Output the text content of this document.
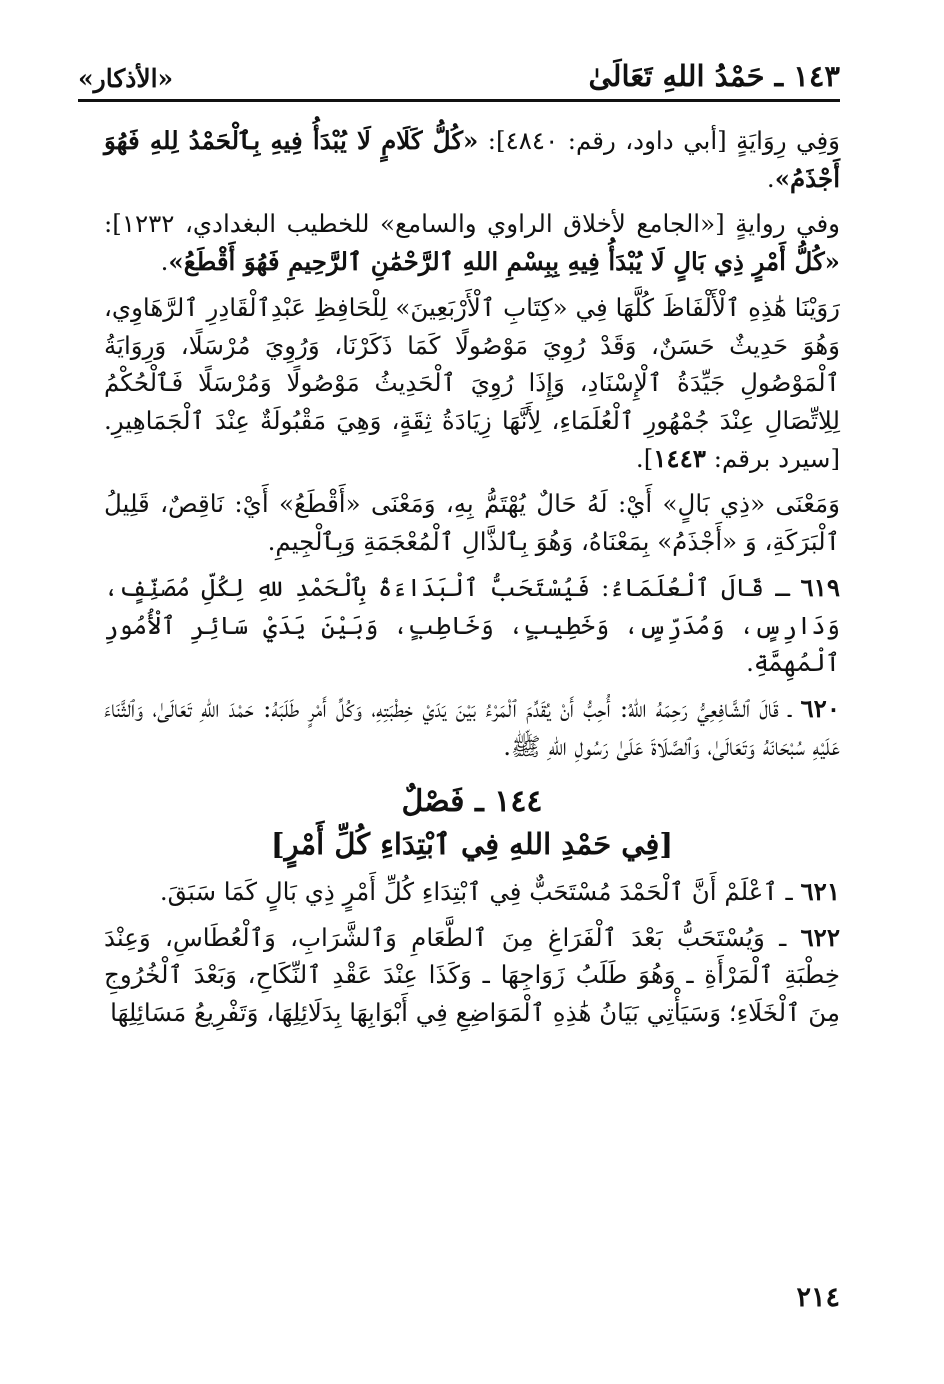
١٤٣ ـ حَمْدُ اللهِ تَعَالَىٰ
«الأذكار»

وَفِي رِوَايَةٍ [أبي داود، رقم: ٤٨٤٠]: «كُلُّ كَلَامٍ لَا يُبْدَأُ فِيهِ بِٱلْحَمْدُ لِلهِ فَهُوَ أَجْذَمُ».

وفي روايةٍ [«الجامع لأخلاق الراوي والسامع» للخطيب البغدادي، ١٢٣٢]: «كُلُّ أَمْرٍ ذِي بَالٍ لَا يُبْدَأُ فِيهِ بِبِسْمِ اللهِ ٱلرَّحْمَٰنِ ٱلرَّحِيمِ فَهُوَ أَقْطَعُ».

رَوَيْنَا هَٰذِهِ ٱلْأَلْفَاظَ كُلَّهَا فِي «كِتَابِ ٱلْأَرْبَعِينَ» لِلْحَافِظِ عَبْدِٱلْقَادِرِ ٱلرَّهَاوِي، وَهُوَ حَدِيثٌ حَسَنٌ، وَقَدْ رُوِيَ مَوْصُولًا كَمَا ذَكَرْنَا، وَرُوِيَ مُرْسَلًا، وَرِوَايَةُ ٱلْمَوْصُولِ جَيِّدَةُ ٱلْإِسْنَادِ، وَإِذَا رُوِيَ ٱلْحَدِيثُ مَوْصُولًا وَمُرْسَلًا فَٱلْحُكْمُ لِلِاتِّصَالِ عِنْدَ جُمْهُورِ ٱلْعُلَمَاءِ، لِأَنَّهَا زِيَادَةُ ثِقَةٍ، وَهِيَ مَقْبُولَةٌ عِنْدَ ٱلْجَمَاهِيرِ. [سيرد برقم: ١٤٤٣].

وَمَعْنَى «ذِي بَالٍ» أَيْ: لَهُ حَالٌ يُهْتَمُّ بِهِ، وَمَعْنَى «أَقْطَعُ» أَيْ: نَاقِصٌ، قَلِيلُ ٱلْبَرَكَةِ، وَ «أَجْذَمُ» بِمَعْنَاهُ، وَهُوَ بِٱلذَّالِ ٱلْمُعْجَمَةِ وَبِٱلْجِيمِ.

٦١٩ ـ قَالَ ٱلْعُلَمَاءُ: فَيُسْتَحَبُّ ٱلْبَدَاءَةُ بِٱلْحَمْدِ للهِ لِكُلِّ مُصَنِّفٍ، وَدَارِسٍ، وَمُدَرِّسٍ، وَخَطِيبٍ، وَخَاطِبٍ، وَبَيْنَ يَدَيْ سَائِرِ ٱلْأُمُورِ ٱلْمُهِمَّةِ.

٦٢٠ ـ قَالَ ٱلشَّافِعِيُّ رَحِمَهُ اللهُ: أُحِبُّ أَنْ يُقَدِّمَ ٱلْمَرْءُ بَيْنَ يَدَيْ خِطْبَتِهِ، وَكُلِّ أَمْرٍ طَلَبَهُ: حَمْدَ اللهِ تَعَالَىٰ، وَٱلثَّنَاءَ عَلَيْهِ سُبْحَانَهُ وَتَعَالَىٰ، وَٱلصَّلَاةَ عَلَىٰ رَسُولِ اللهِ ﷺ.

١٤٤ ـ فَصْلٌ
[فِي حَمْدِ اللهِ فِي ٱبْتِدَاءِ كُلِّ أَمْرٍ]

٦٢١ ـ ٱعْلَمْ أَنَّ ٱلْحَمْدَ مُسْتَحَبٌّ فِي ٱبْتِدَاءِ كُلِّ أَمْرٍ ذِي بَالٍ كَمَا سَبَقَ.

٦٢٢ ـ وَيُسْتَحَبُّ بَعْدَ ٱلْفَرَاغِ مِنَ ٱلطَّعَامِ وَٱلشَّرَابِ، وَٱلْعُطَاسِ، وَعِنْدَ خِطْبَةِ ٱلْمَرْأَةِ ـ وَهُوَ طَلَبُ زَوَاجِهَا ـ وَكَذَا عِنْدَ عَقْدِ ٱلنِّكَاحِ، وَبَعْدَ ٱلْخُرُوجِ مِنَ ٱلْخَلَاءِ؛ وَسَيَأْتِي بَيَانُ هَٰذِهِ ٱلْمَوَاضِعِ فِي أَبْوَابِهَا بِدَلَائِلِهَا، وَتَفْرِيعُ مَسَائِلِهَا

٢١٤
